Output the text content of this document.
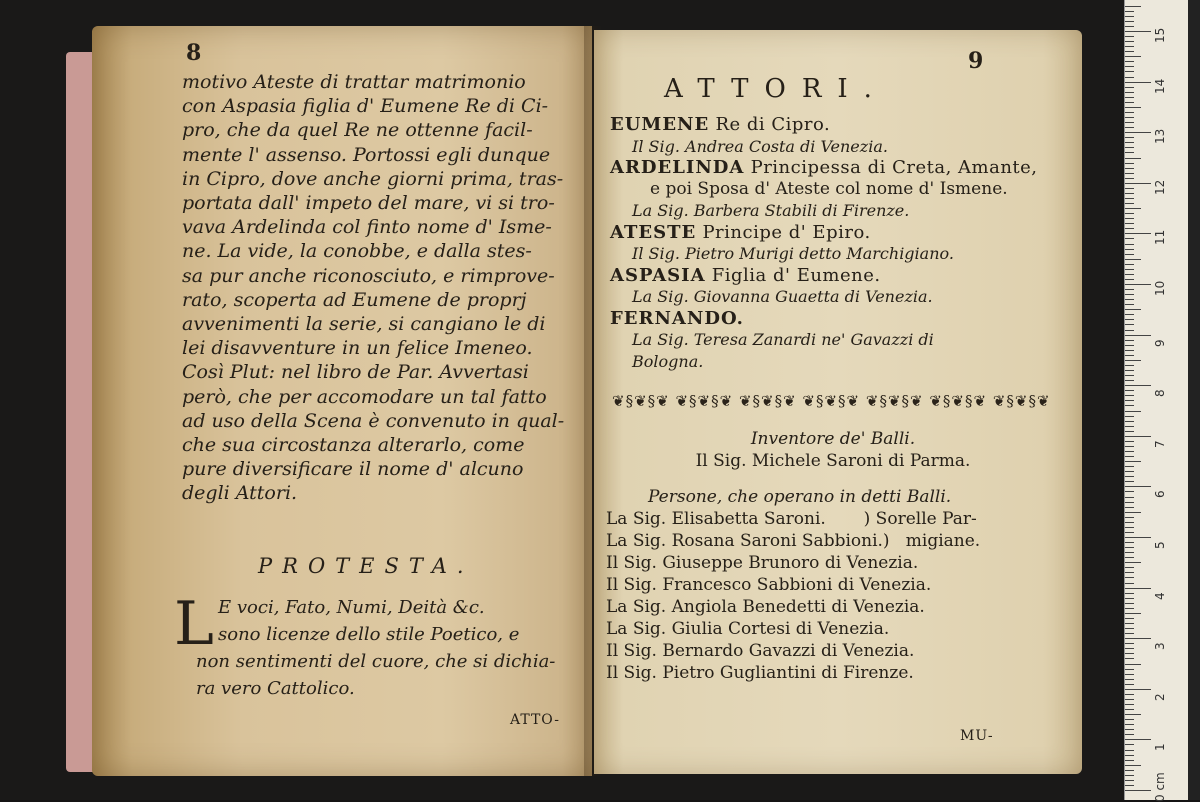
8
motivo Ateste di trattar matrimonio
con Aspasia figlia d' Eumene Re di Ci-
pro, che da quel Re ne ottenne facil-
mente l' assenso. Portossi egli dunque
in Cipro, dove anche giorni prima, tras-
portata dall' impeto del mare, vi si tro-
vava Ardelinda col finto nome d' Isme-
ne. La vide, la conobbe, e dalla stes-
sa pur anche riconosciuto, e rimprove-
rato, scoperta ad Eumene de proprj
avvenimenti la serie, si cangiano le di
lei disavventure in un felice Imeneo.
Così Plut: nel libro de Par. Avvertasi
però, che per accomodare un tal fatto
ad uso della Scena è convenuto in qual-
che sua circostanza alterarlo, come
pure diversificare il nome d' alcuno
degli Attori.
PROTESTA.
L E voci, Fato, Numi, Deità &c.
sono licenze dello stile Poetico, e
non sentimenti del cuore, che si dichia-
ra vero Cattolico.
ATTO-
9
ATTORI.
EUMENE Re di Cipro.
Il Sig. Andrea Costa di Venezia.
ARDELINDA Principessa di Creta, Amante,
e poi Sposa d' Ateste col nome d' Ismene.
La Sig. Barbera Stabili di Firenze.
ATESTE Principe d' Epiro.
Il Sig. Pietro Murigi detto Marchigiano.
ASPASIA Figlia d' Eumene.
La Sig. Giovanna Guaetta di Venezia.
FERNANDO.
La Sig. Teresa Zanardi ne' Gavazzi di
Bologna.
❦§❦§❦ ❦§❦§❦ ❦§❦§❦ ❦§❦§❦ ❦§❦§❦ ❦§❦§❦ ❦§❦§❦
Inventore de' Balli.
Il Sig. Michele Saroni di Parma.
Persone, che operano in detti Balli.
La Sig. Elisabetta Saroni.       ) Sorelle Par-
La Sig. Rosana Saroni Sabbioni.)   migiane.
Il Sig. Giuseppe Brunoro di Venezia.
Il Sig. Francesco Sabbioni di Venezia.
La Sig. Angiola Benedetti di Venezia.
La Sig. Giulia Cortesi di Venezia.
Il Sig. Bernardo Gavazzi di Venezia.
Il Sig. Pietro Gugliantini di Firenze.
MU-
0 cm
1
2
3
4
5
6
7
8
9
10
11
12
13
14
15
